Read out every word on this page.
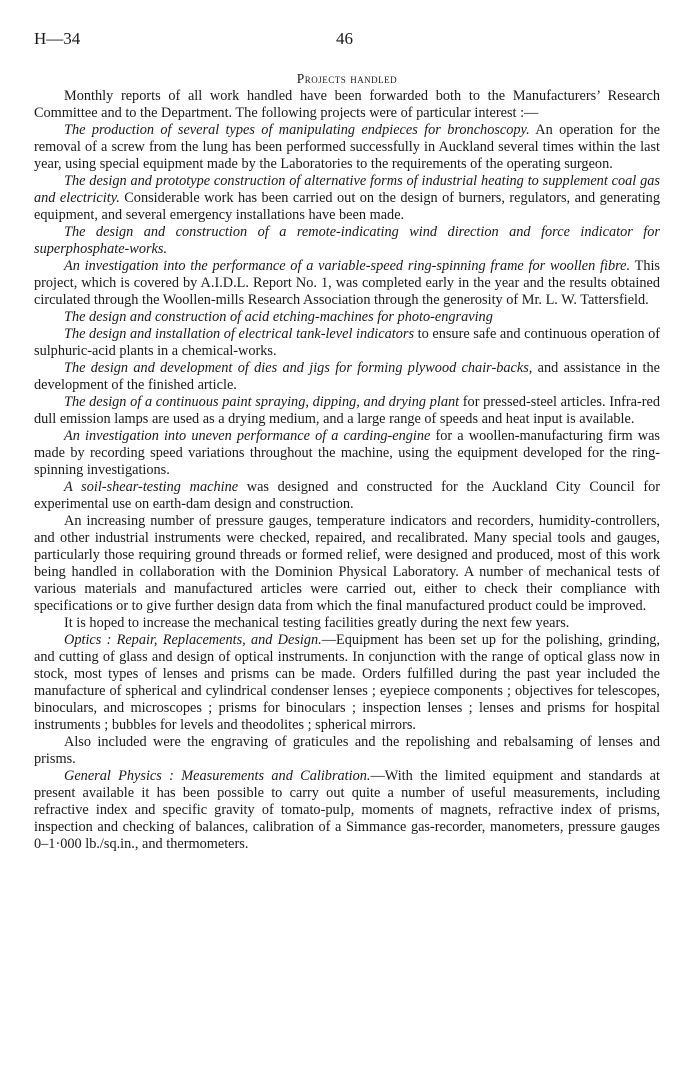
H—34	46
Projects handled

Monthly reports of all work handled have been forwarded both to the Manufacturers’ Research Committee and to the Department. The following projects were of particular interest :—

The production of several types of manipulating endpieces for bronchoscopy. An operation for the removal of a screw from the lung has been performed successfully in Auckland several times within the last year, using special equipment made by the Laboratories to the requirements of the operating surgeon.

The design and prototype construction of alternative forms of industrial heating to supplement coal gas and electricity. Considerable work has been carried out on the design of burners, regulators, and generating equipment, and several emergency installations have been made.

The design and construction of a remote-indicating wind direction and force indicator for superphosphate-works.

An investigation into the performance of a variable-speed ring-spinning frame for woollen fibre. This project, which is covered by A.I.D.L. Report No. 1, was completed early in the year and the results obtained circulated through the Woollen-mills Research Association through the generosity of Mr. L. W. Tattersfield.

The design and construction of acid etching-machines for photo-engraving

The design and installation of electrical tank-level indicators to ensure safe and continuous operation of sulphuric-acid plants in a chemical-works.

The design and development of dies and jigs for forming plywood chair-backs, and assistance in the development of the finished article.

The design of a continuous paint spraying, dipping, and drying plant for pressed-steel articles. Infra-red dull emission lamps are used as a drying medium, and a large range of speeds and heat input is available.

An investigation into uneven performance of a carding-engine for a woollen-manufacturing firm was made by recording speed variations throughout the machine, using the equipment developed for the ring-spinning investigations.

A soil-shear-testing machine was designed and constructed for the Auckland City Council for experimental use on earth-dam design and construction.

An increasing number of pressure gauges, temperature indicators and recorders, humidity-controllers, and other industrial instruments were checked, repaired, and recalibrated. Many special tools and gauges, particularly those requiring ground threads or formed relief, were designed and produced, most of this work being handled in collaboration with the Dominion Physical Laboratory. A number of mechanical tests of various materials and manufactured articles were carried out, either to check their compliance with specifications or to give further design data from which the final manufactured product could be improved.

It is hoped to increase the mechanical testing facilities greatly during the next few years.

Optics : Repair, Replacements, and Design.—Equipment has been set up for the polishing, grinding, and cutting of glass and design of optical instruments. In conjunction with the range of optical glass now in stock, most types of lenses and prisms can be made. Orders fulfilled during the past year included the manufacture of spherical and cylindrical condenser lenses ; eyepiece components ; objectives for telescopes, binoculars, and microscopes ; prisms for binoculars ; inspection lenses ; lenses and prisms for hospital instruments ; bubbles for levels and theodolites ; spherical mirrors.

Also included were the engraving of graticules and the repolishing and rebalsaming of lenses and prisms.

General Physics : Measurements and Calibration.—With the limited equipment and standards at present available it has been possible to carry out quite a number of useful measurements, including refractive index and specific gravity of tomato-pulp, moments of magnets, refractive index of prisms, inspection and checking of balances, calibration of a Simmance gas-recorder, manometers, pressure gauges 0–1·000 lb./sq.in., and thermometers.
